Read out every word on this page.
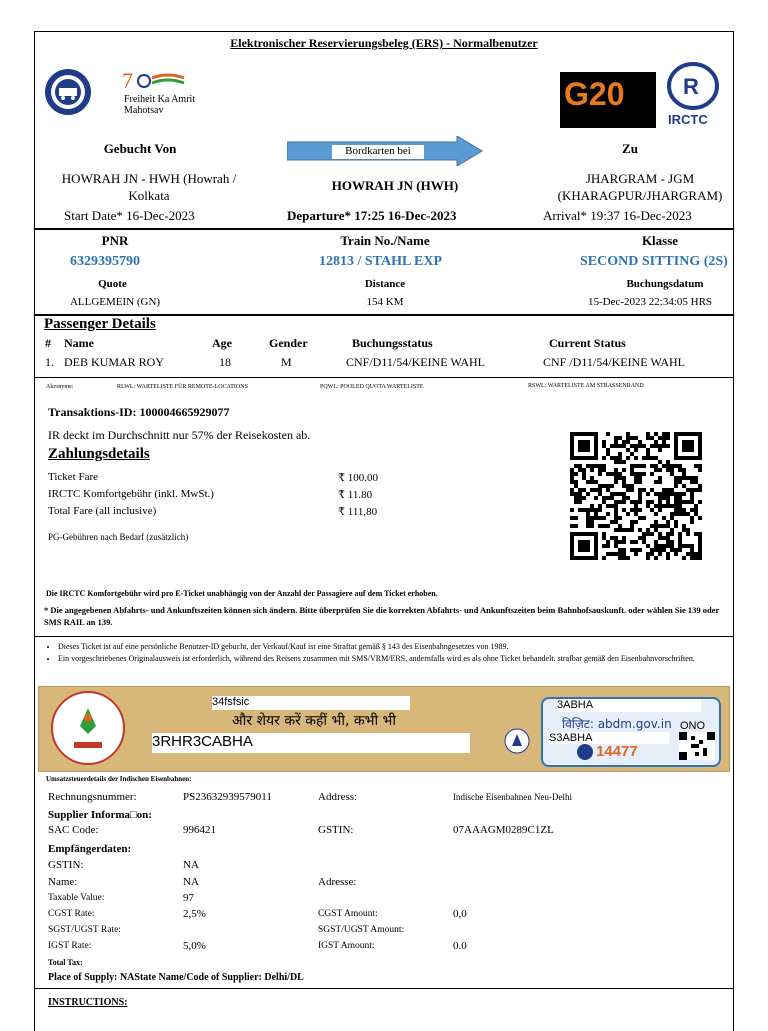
Elektronischer Reservierungsbeleg (ERS) - Normalbenutzer
7
Freiheit Ka Amrit Mahotsav	G20	R
IRCTC
Gebucht Von	Bordkarten bei	Zu
HOWRAH JN - HWH (Howrah / Kolkata
HOWRAH JN (HWH)	JHARGRAM - JGM (KHARAGPUR/JHARGRAM)
Start Date* 16-Dec-2023	Departure* 17:25 16-Dec-2023	Arrival* 19:37 16-Dec-2023
PNR	Train No./Name	Klasse
6329395790	12813 / STAHL EXP	SECOND SITTING (2S)
Quote	Distance	Buchungsdatum
ALLGEMEIN (GN)	154 KM	15-Dec-2023 22:34:05 HRS
Passenger Details
# Name	Age	Gender	Buchungsstatus	Current Status
1. DEB KUMAR ROY	18	M	CNF/D11/54/KEINE WAHL	CNF /D11/54/KEINE WAHL
Akronyme:	RLWL: WARTELISTE FÜR REMOTE-LOCATIONS	PQWL: POOLED QUOTA WARTELISTE	RSWL: WARTELISTE AM STRASSENRAND
Transaktions-ID: 100004665929077
IR deckt im Durchschnitt nur 57% der Reisekosten ab.
Zahlungsdetails
Ticket Fare	₹ 100.00
IRCTC Komfortgebühr (inkl. MwSt.)	₹ 11.80
Total Fare (all inclusive)	₹ 111,80
PG-Gebühren nach Bedarf (zusätzlich)
Die IRCTC Komfortgebühr wird pro E-Ticket unabhängig von der Anzahl der Passagiere auf dem Ticket erhoben.
* Die angegebenen Abfahrts- und Ankunftszeiten können sich ändern. Bitte überprüfen Sie die korrekten Abfahrts- und Ankunftszeiten beim Bahnhofsauskunft. oder wählen Sie 139 oder SMS RAIL an 139.
• Dieses Ticket ist auf eine persönliche Benutzer-ID gebucht, der Verkauf/Kauf ist eine Straftat gemäß § 143 des Eisenbahngesetzes von 1989.
• Ein vorgeschriebenes Originalausweis ist erforderlich, während des Reisens zusammen mit SMS/VRM/ERS, andernfalls wird es als ohne Ticket behandelt. strafbar gemäß den Eisenbahnvorschriften.
34fsfsic
और शेयर करें कहीं भी, कभी भी
3RHR3CABHA
3ABHA
विज़िट: abdm.gov.in
S3ABHA
14477
ONO
Umsatzsteuerdetails der Indischen Eisenbahnen:
Rechnungsnummer:	PS23632939579011	Address:	Indische Eisenbahnen Neu-Delhi
Supplier Informa□on:
SAC Code:	996421	GSTIN:	07AAAGM0289C1ZL
Empfängerdaten:
GSTIN:	NA
Name:	NA	Adresse:
Taxable Value:	97
CGST Rate:	2,5%	CGST Amount:	0,0
SGST/UGST Rate:	SGST/UGST Amount:
IGST Rate:	5,0%	IGST Amount:	0.0
Total Tax:
Place of Supply: NAState Name/Code of Supplier: Delhi/DL
INSTRUCTIONS:
